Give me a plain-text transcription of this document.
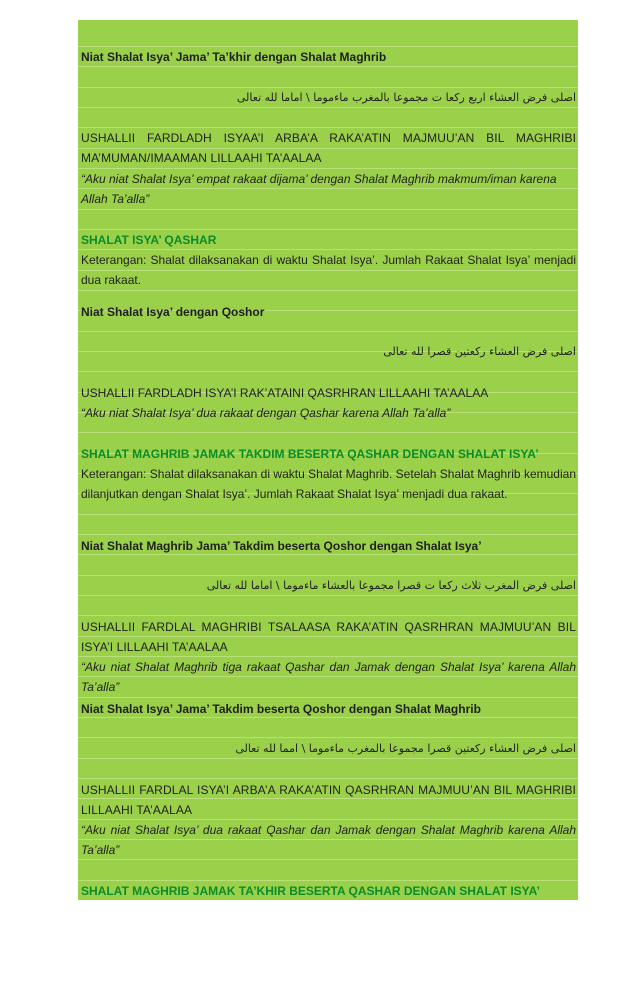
Niat Shalat Isya’ Jama’ Ta’khir dengan Shalat Maghrib
اصلى فرض العشاء اربع ركعا ت مجموعا بالمغرب ماءموما \ اماما لله تعالى
USHALLII FARDLADH ISYAA’I ARBA’A RAKA’ATIN MAJMUU’AN BIL MAGHRIBI MA’MUMAN/IMAAMAN LILLAAHI TA’AALAA
“Aku niat Shalat Isya’ empat rakaat dijama’ dengan Shalat Maghrib makmum/iman karena Allah Ta’alla”
SHALAT ISYA’ QASHAR
Keterangan: Shalat dilaksanakan di waktu Shalat Isya’. Jumlah Rakaat Shalat Isya’ menjadi dua rakaat.
Niat Shalat Isya’ dengan Qoshor
اصلى فرض العشاء ركعتين قصرا لله تعالى
USHALLII FARDLADH ISYA’I RAK’ATAINI QASRHRAN LILLAAHI TA’AALAA
“Aku niat Shalat Isya’ dua rakaat dengan Qashar karena Allah Ta’alla”
SHALAT MAGHRIB JAMAK TAKDIM BESERTA QASHAR DENGAN SHALAT ISYA’
Keterangan: Shalat dilaksanakan di waktu Shalat Maghrib. Setelah Shalat Maghrib kemudian dilanjutkan dengan Shalat Isya’. Jumlah Rakaat Shalat Isya’ menjadi dua rakaat.
Niat Shalat Maghrib Jama’ Takdim beserta Qoshor dengan Shalat Isya’
اصلى فرض المغرب ثلاث ركعا ت قصرا مجموعا بالعشاء ماءموما \ اماما لله تعالى
USHALLII FARDLAL MAGHRIBI TSALAASA RAKA’ATIN QASRHRAN MAJMUU’AN BIL ISYA’I LILLAAHI TA’AALAA
“Aku niat Shalat Maghrib tiga rakaat Qashar dan Jamak dengan Shalat Isya’ karena Allah Ta’alla”
Niat Shalat Isya’ Jama’ Takdim beserta Qoshor dengan Shalat Maghrib
اصلى فرض العشاء ركعتين قصرا مجموعا بالمغرب ماءموما \ امما لله تعالى
USHALLII FARDLAL ISYA’I ARBA’A RAKA’ATIN QASRHRAN MAJMUU’AN BIL MAGHRIBI LILLAAHI TA’AALAA
“Aku niat Shalat Isya’ dua rakaat Qashar dan Jamak dengan Shalat Maghrib karena Allah Ta’alla”
SHALAT MAGHRIB JAMAK TA’KHIR BESERTA QASHAR DENGAN SHALAT ISYA’
